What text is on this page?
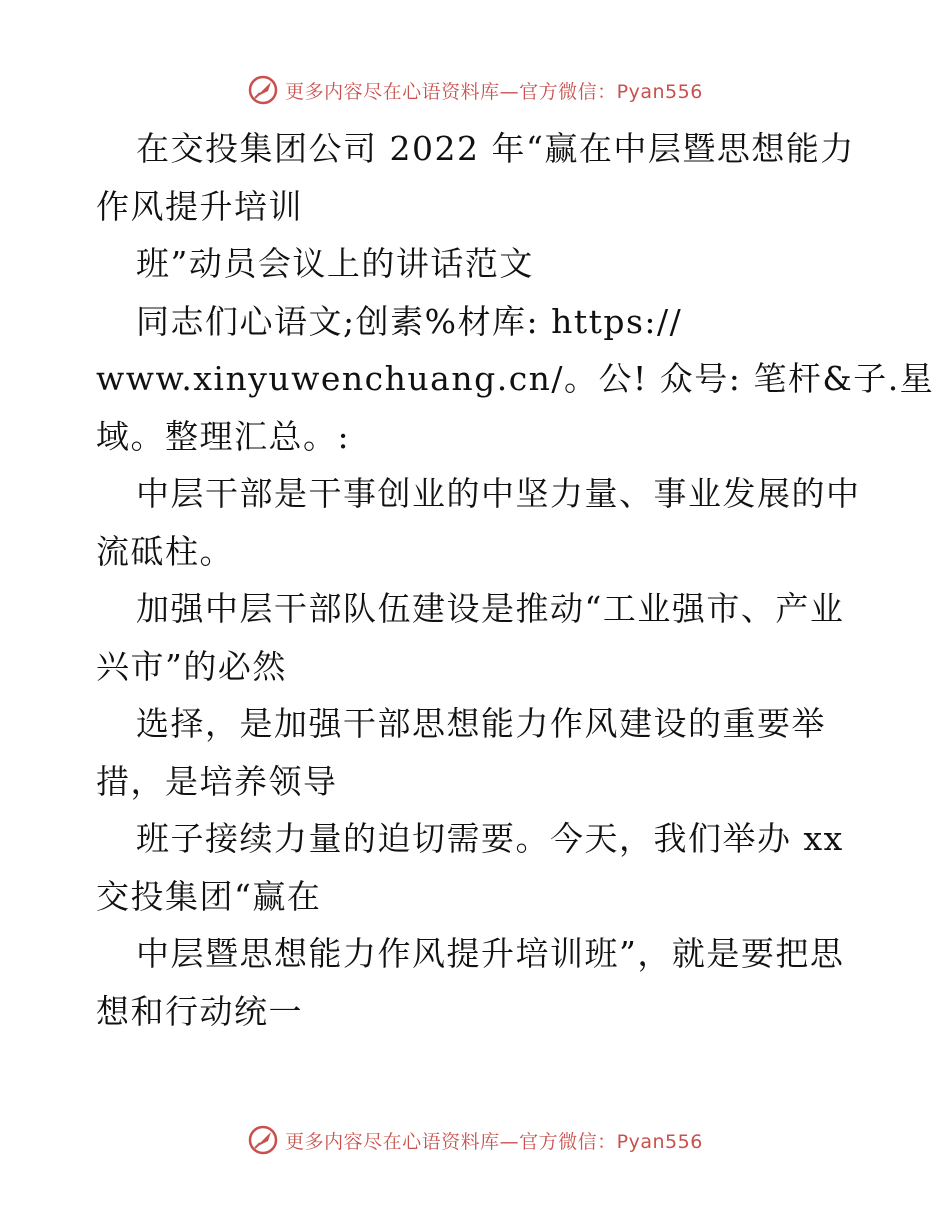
更多内容尽在心语资料库—官方微信：Pyan556
在交投集团公司 2022 年“赢在中层暨思想能力
作风提升培训
班”动员会议上的讲话范文
同志们心语文;创素%材库: https://
www.xinyuwenchuang.cn/。公! 众号: 笔杆&子.星
域。整理汇总。:
中层干部是干事创业的中坚力量、事业发展的中
流砥柱。
加强中层干部队伍建设是推动“工业强市、产业
兴市”的必然
选择，是加强干部思想能力作风建设的重要举
措，是培养领导
班子接续力量的迫切需要。今天，我们举办 xx
交投集团“赢在
中层暨思想能力作风提升培训班”，就是要把思
想和行动统一
更多内容尽在心语资料库—官方微信：Pyan556
